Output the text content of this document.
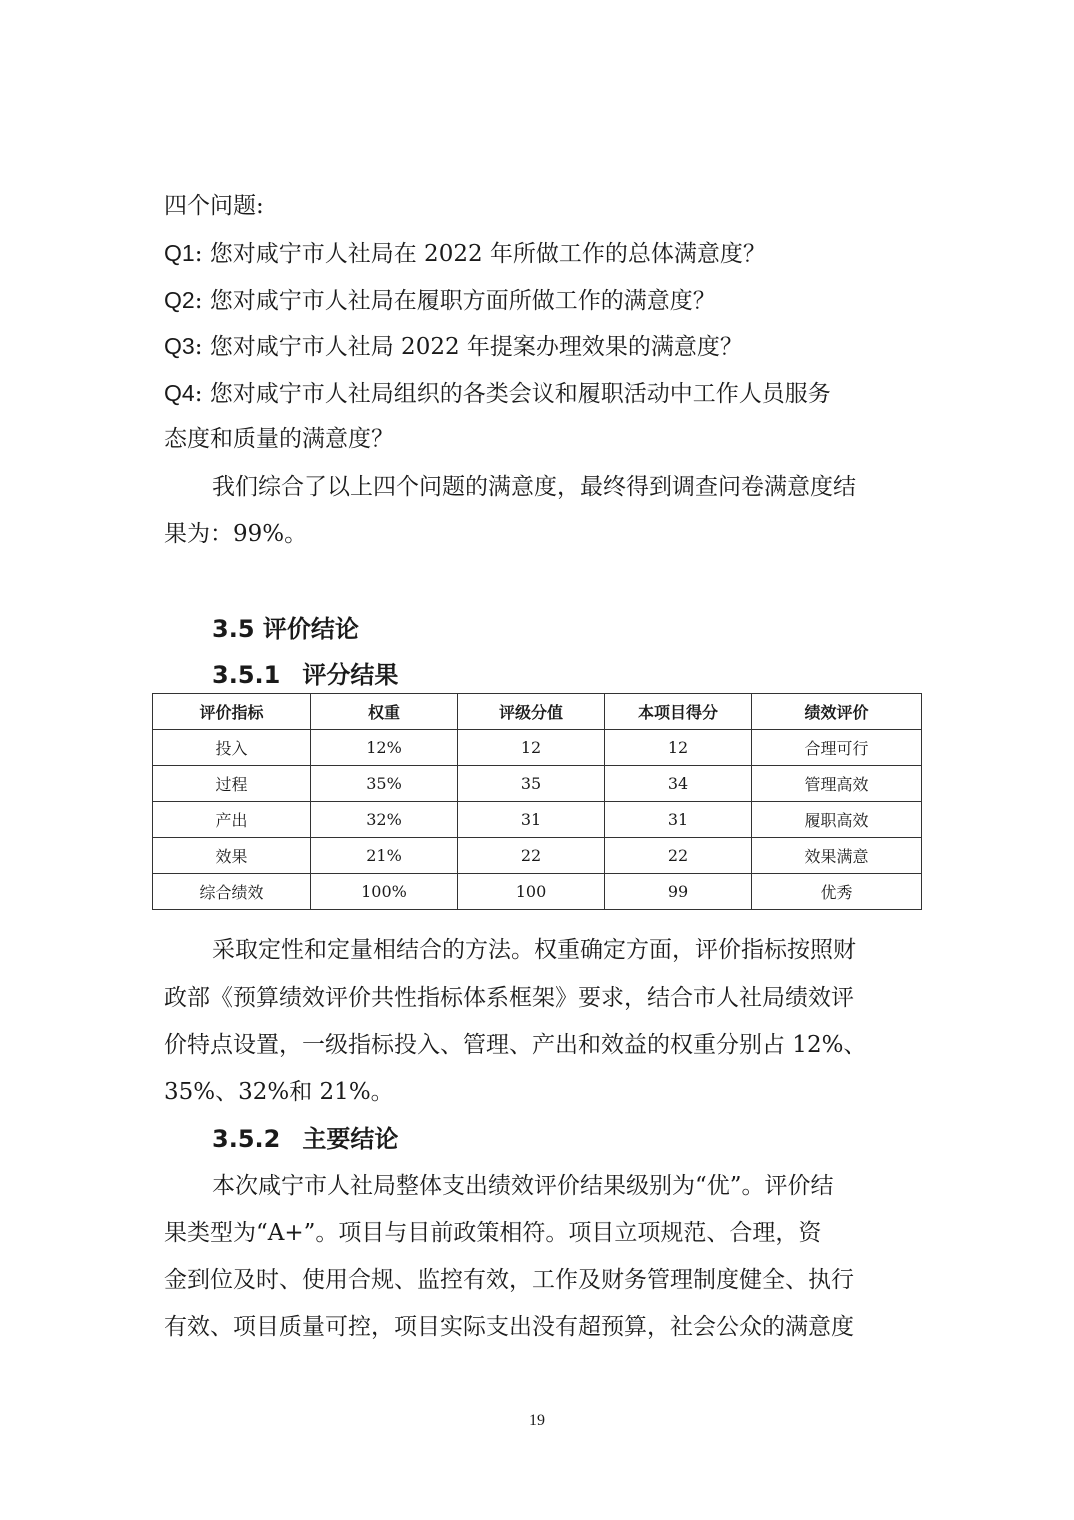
四个问题:
Q1: 您对咸宁市人社局在 2022 年所做工作的总体满意度？
Q2: 您对咸宁市人社局在履职方面所做工作的满意度？
Q3: 您对咸宁市人社局 2022 年提案办理效果的满意度？
Q4: 您对咸宁市人社局组织的各类会议和履职活动中工作人员服务
态度和质量的满意度？
我们综合了以上四个问题的满意度，最终得到调查问卷满意度结
果为：99%。
3.5 评价结论
3.5.1 评分结果
评价指标	权重	评级分值	本项目得分	绩效评价
投入	12%	12	12	合理可行
过程	35%	35	34	管理高效
产出	32%	31	31	履职高效
效果	21%	22	22	效果满意
综合绩效	100%	100	99	优秀
采取定性和定量相结合的方法。权重确定方面，评价指标按照财
政部《预算绩效评价共性指标体系框架》要求，结合市人社局绩效评
价特点设置，一级指标投入、管理、产出和效益的权重分别占 12%、
35%、32%和 21%。
3.5.2 主要结论
本次咸宁市人社局整体支出绩效评价结果级别为“优”。评价结
果类型为“A+”。项目与目前政策相符。项目立项规范、合理，资
金到位及时、使用合规、监控有效，工作及财务管理制度健全、执行
有效、项目质量可控，项目实际支出没有超预算，社会公众的满意度
19
